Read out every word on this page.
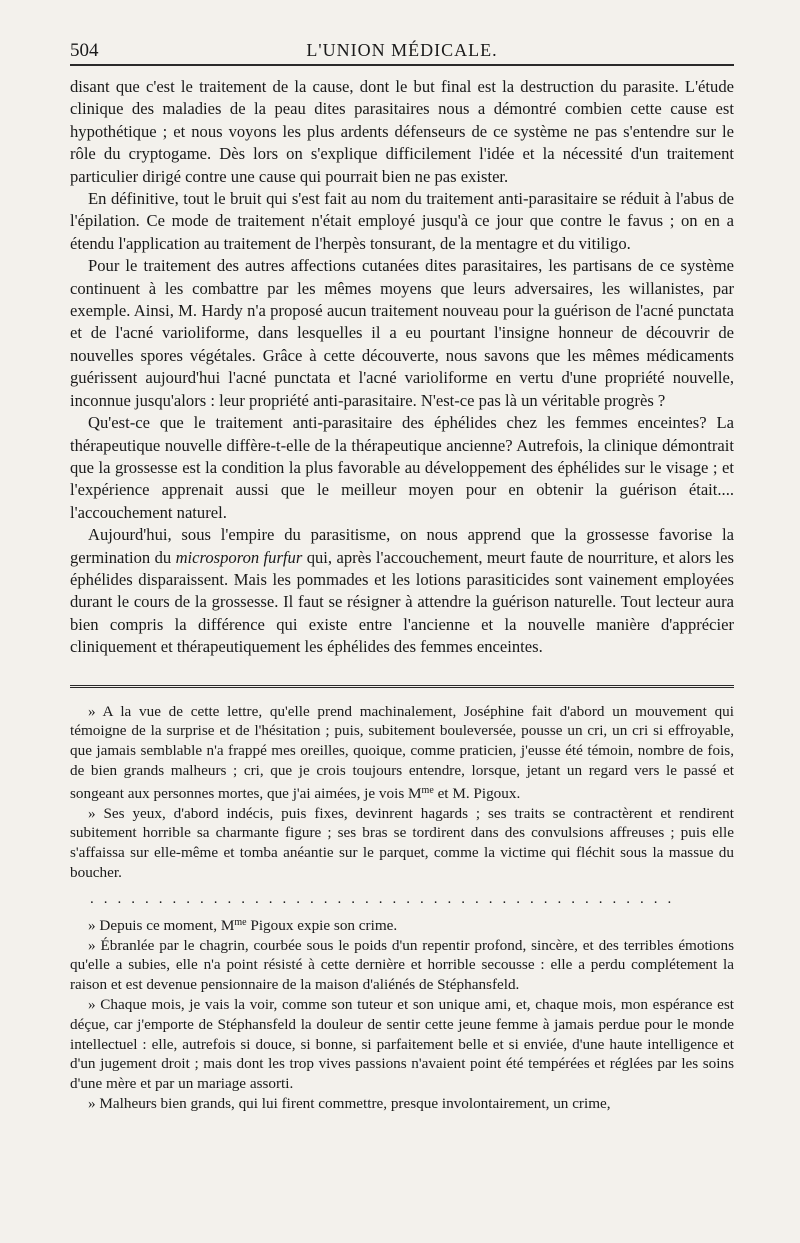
504	L'UNION MÉDICALE.

disant que c'est le traitement de la cause, dont le but final est la destruction du parasite. L'étude clinique des maladies de la peau dites parasitaires nous a démontré combien cette cause est hypothétique ; et nous voyons les plus ardents défenseurs de ce système ne pas s'entendre sur le rôle du cryptogame. Dès lors on s'explique difficilement l'idée et la nécessité d'un traitement particulier dirigé contre une cause qui pourrait bien ne pas exister.

En définitive, tout le bruit qui s'est fait au nom du traitement anti-parasitaire se réduit à l'abus de l'épilation. Ce mode de traitement n'était employé jusqu'à ce jour que contre le favus ; on en a étendu l'application au traitement de l'herpès tonsurant, de la mentagre et du vitiligo.

Pour le traitement des autres affections cutanées dites parasitaires, les partisans de ce système continuent à les combattre par les mêmes moyens que leurs adversaires, les willanistes, par exemple. Ainsi, M. Hardy n'a proposé aucun traitement nouveau pour la guérison de l'acné punctata et de l'acné varioliforme, dans lesquelles il a eu pourtant l'insigne honneur de découvrir de nouvelles spores végétales. Grâce à cette découverte, nous savons que les mêmes médicaments guérissent aujourd'hui l'acné punctata et l'acné varioliforme en vertu d'une propriété nouvelle, inconnue jusqu'alors : leur propriété anti-parasitaire. N'est-ce pas là un véritable progrès ?

Qu'est-ce que le traitement anti-parasitaire des éphélides chez les femmes enceintes? La thérapeutique nouvelle diffère-t-elle de la thérapeutique ancienne? Autrefois, la clinique démontrait que la grossesse est la condition la plus favorable au développement des éphélides sur le visage ; et l'expérience apprenait aussi que le meilleur moyen pour en obtenir la guérison était.... l'accouchement naturel.

Aujourd'hui, sous l'empire du parasitisme, on nous apprend que la grossesse favorise la germination du microsporon furfur qui, après l'accouchement, meurt faute de nourriture, et alors les éphélides disparaissent. Mais les pommades et les lotions parasiticides sont vainement employées durant le cours de la grossesse. Il faut se résigner à attendre la guérison naturelle. Tout lecteur aura bien compris la différence qui existe entre l'ancienne et la nouvelle manière d'apprécier cliniquement et thérapeutiquement les éphélides des femmes enceintes.

» A la vue de cette lettre, qu'elle prend machinalement, Joséphine fait d'abord un mouvement qui témoigne de la surprise et de l'hésitation ; puis, subitement bouleversée, pousse un cri, un cri si effroyable, que jamais semblable n'a frappé mes oreilles, quoique, comme praticien, j'eusse été témoin, nombre de fois, de bien grands malheurs ; cri, que je crois toujours entendre, lorsque, jetant un regard vers le passé et songeant aux personnes mortes, que j'ai aimées, je vois $M^{me}$ et M. Pigoux.

» Ses yeux, d'abord indécis, puis fixes, devinrent hagards ; ses traits se contractèrent et rendirent subitement horrible sa charmante figure ; ses bras se tordirent dans des convulsions affreuses ; puis elle s'affaissa sur elle-même et tomba anéantie sur le parquet, comme la victime qui fléchit sous la massue du boucher.

...........................................

» Depuis ce moment, $M^{me}$ Pigoux expie son crime.

» Ébranlée par le chagrin, courbée sous le poids d'un repentir profond, sincère, et des terribles émotions qu'elle a subies, elle n'a point résisté à cette dernière et horrible secousse : elle a perdu complétement la raison et est devenue pensionnaire de la maison d'aliénés de Stéphansfeld.

» Chaque mois, je vais la voir, comme son tuteur et son unique ami, et, chaque mois, mon espérance est déçue, car j'emporte de Stéphansfeld la douleur de sentir cette jeune femme à jamais perdue pour le monde intellectuel : elle, autrefois si douce, si bonne, si parfaitement belle et si enviée, d'une haute intelligence et d'un jugement droit ; mais dont les trop vives passions n'avaient point été tempérées et réglées par les soins d'une mère et par un mariage assorti.

» Malheurs bien grands, qui lui firent commettre, presque involontairement, un crime,
